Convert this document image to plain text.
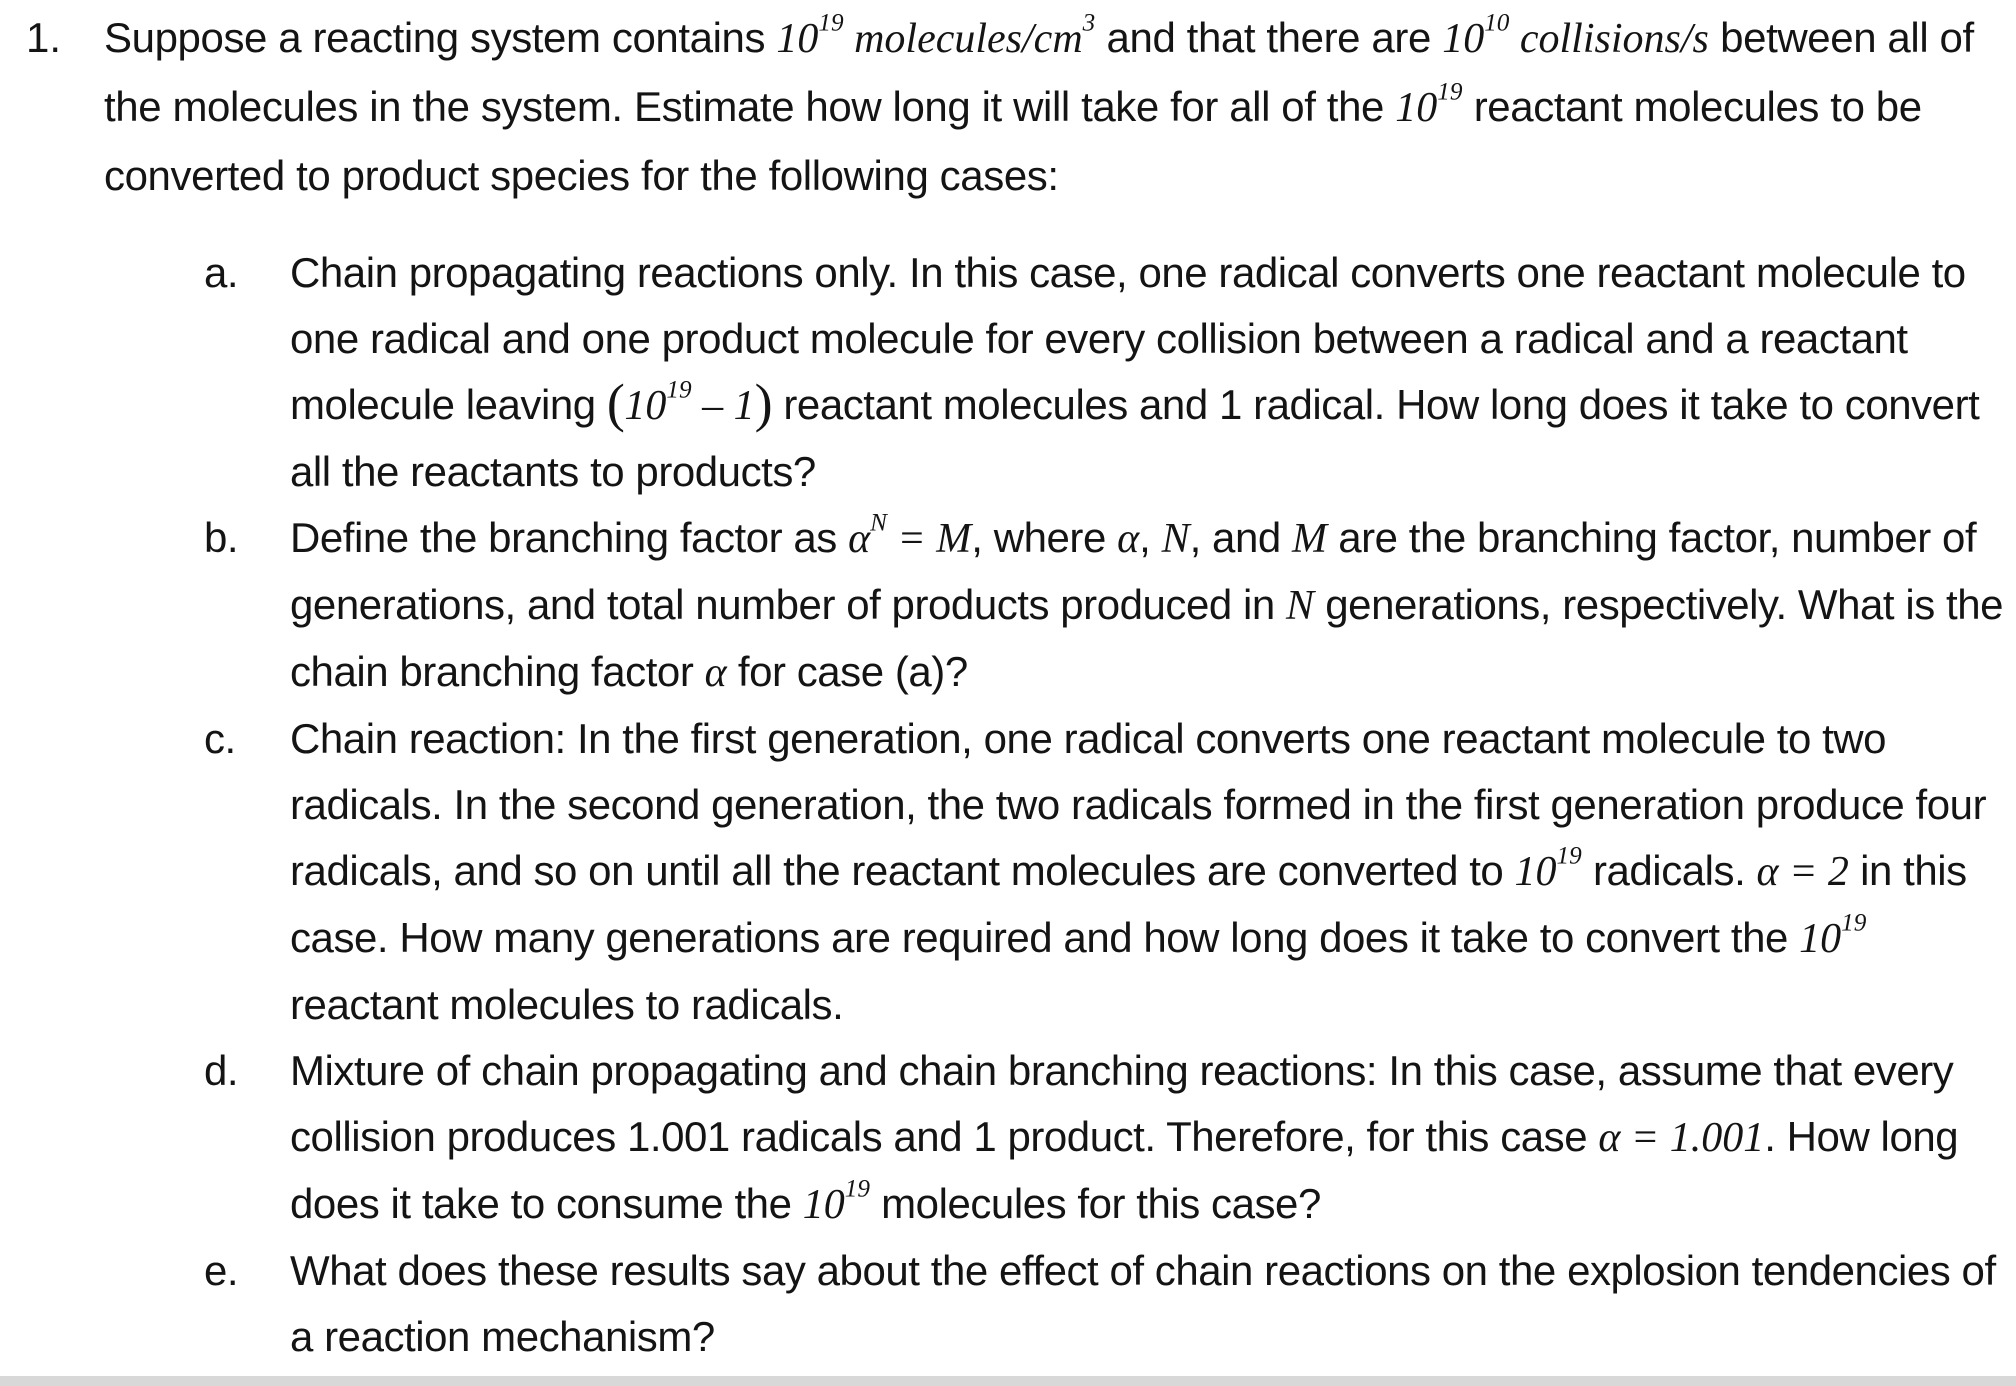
1. Suppose a reacting system contains $10^{19}$ molecules/$cm^3$ and that there are $10^{10}$ collisions/s between all of the molecules in the system. Estimate how long it will take for all of the $10^{19}$ reactant molecules to be converted to product species for the following cases:
a.	Chain propagating reactions only. In this case, one radical converts one reactant molecule to one radical and one product molecule for every collision between a radical and a reactant molecule leaving $(10^{19} - 1)$ reactant molecules and 1 radical. How long does it take to convert all the reactants to products?
b.	Define the branching factor as $\alpha^N = M$, where α, N, and M are the branching factor, number of generations, and total number of products produced in N generations, respectively. What is the chain branching factor α for case (a)?
c.	Chain reaction: In the first generation, one radical converts one reactant molecule to two radicals. In the second generation, the two radicals formed in the first generation produce four radicals, and so on until all the reactant molecules are converted to $10^{19}$ radicals. α = 2 in this case. How many generations are required and how long does it take to convert the $10^{19}$ reactant molecules to radicals.
d.	Mixture of chain propagating and chain branching reactions: In this case, assume that every collision produces 1.001 radicals and 1 product. Therefore, for this case α = 1.001. How long does it take to consume the $10^{19}$ molecules for this case?
e.	What does these results say about the effect of chain reactions on the explosion tendencies of a reaction mechanism?
